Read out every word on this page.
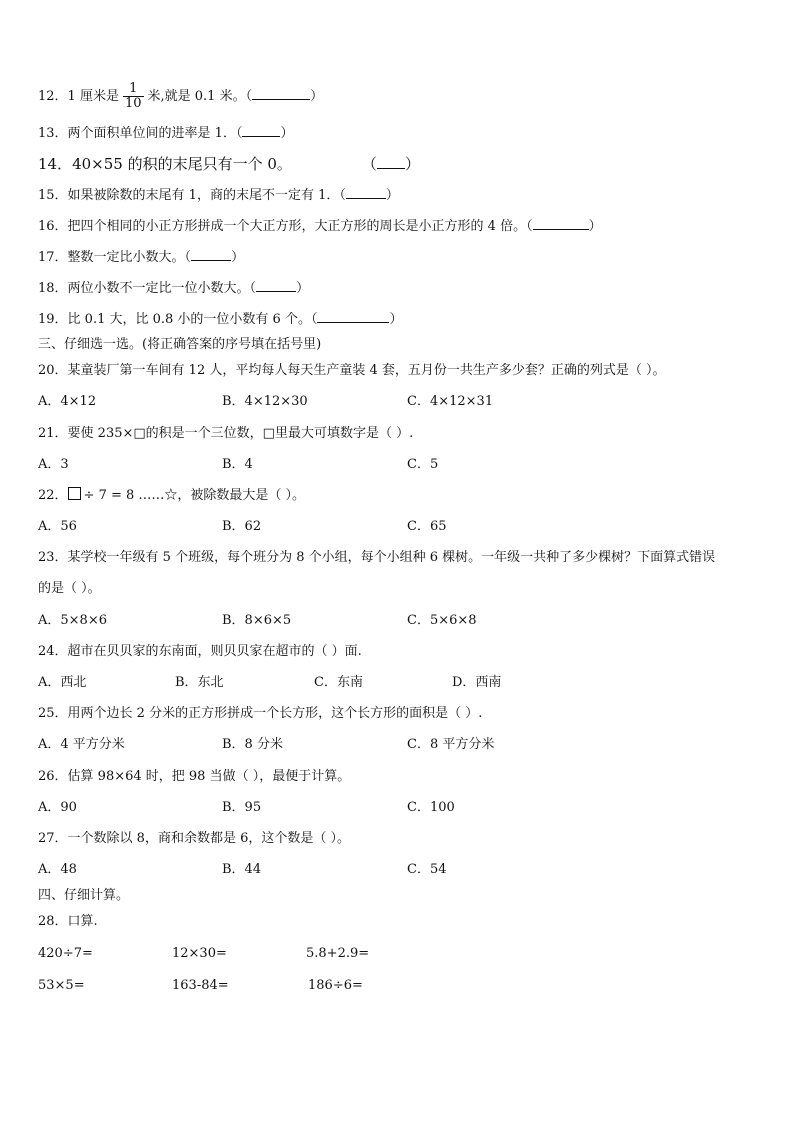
12．1 厘米是 $\frac{1}{10}$ 米,就是 0.1 米。（	）
13．两个面积单位间的进率是 1．（	）
14．40×55 的积的末尾只有一个 0。	（ ）
15．如果被除数的末尾有 1，商的末尾不一定有 1．（	）
16．把四个相同的小正方形拼成一个大正方形，大正方形的周长是小正方形的 4 倍。（	）
17．整数一定比小数大。（	）
18．两位小数不一定比一位小数大。（	）
19．比 0.1 大，比 0.8 小的一位小数有 6 个。（	）
三、仔细选一选。(将正确答案的序号填在括号里)
20．某童装厂第一车间有 12 人，平均每人每天生产童装 4 套，五月份一共生产多少套？正确的列式是（ ）。
A．4×12	B．4×12×30	C．4×12×31
21．要使 235×□的积是一个三位数，□里最大可填数字是（ ）.
A．3	B．4	C．5
22． ÷ 7 = 8 ……☆，被除数最大是（ ）。
A．56	B．62	C．65
23．某学校一年级有 5 个班级，每个班分为 8 个小组，每个小组种 6 棵树。一年级一共种了多少棵树？下面算式错误
的是（ ）。
A．5×8×6	B．8×6×5	C．5×6×8
24．超市在贝贝家的东南面，则贝贝家在超市的（ ）面.
A．西北	B．东北	C．东南	D．西南
25．用两个边长 2 分米的正方形拼成一个长方形，这个长方形的面积是（ ）.
A．4 平方分米	B．8 分米	C．8 平方分米
26．估算 98×64 时，把 98 当做（ ），最便于计算。
A．90	B．95	C．100
27．一个数除以 8，商和余数都是 6，这个数是（ ）。
A．48	B．44	C．54
四、仔细计算。
28．口算.
420÷7=	12×30=	5.8+2.9=
53×5=	163-84=	186÷6=
